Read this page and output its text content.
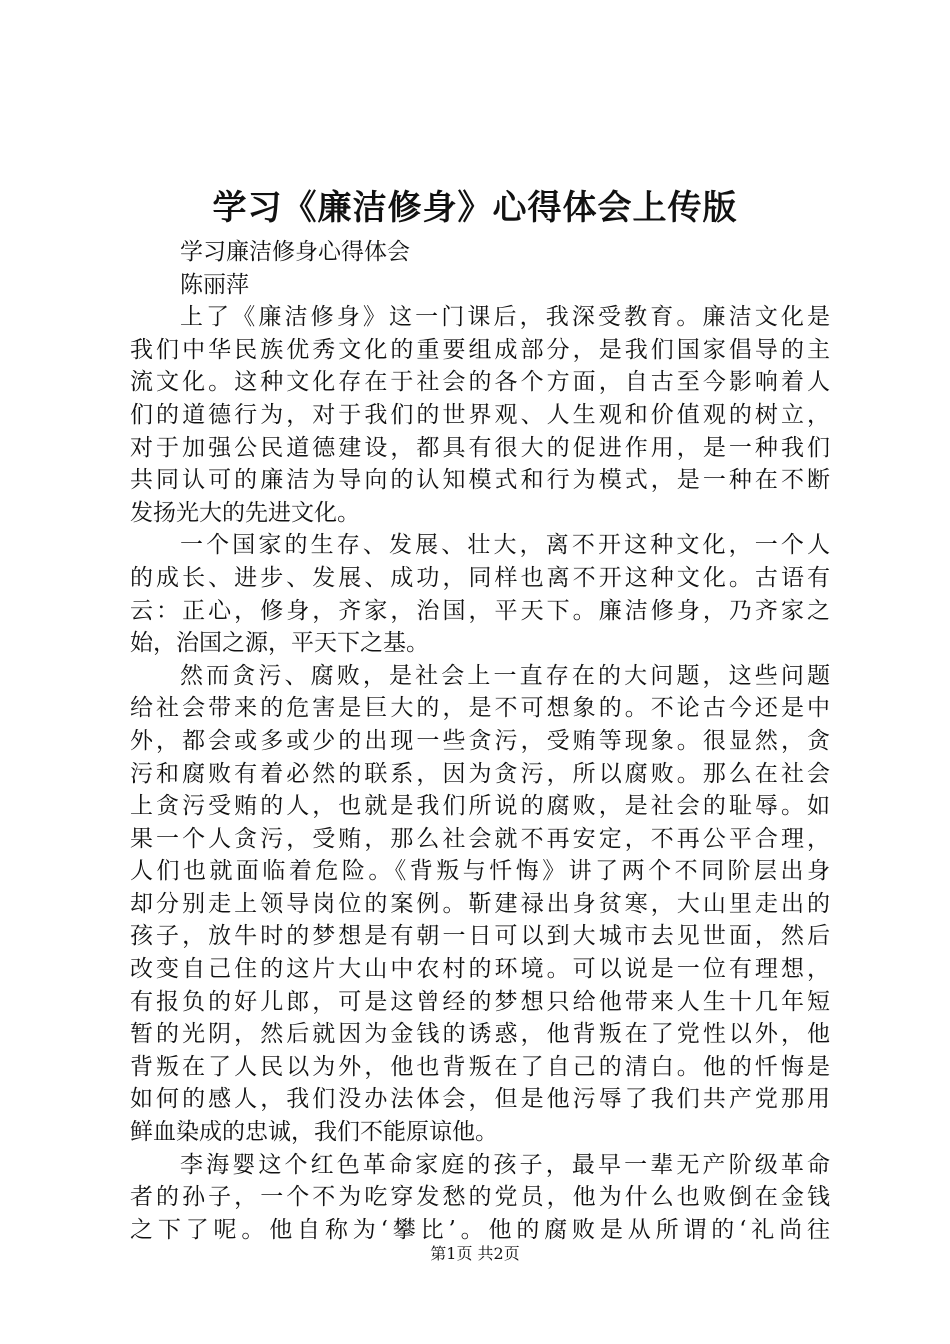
学习《廉洁修身》心得体会上传版
学习廉洁修身心得体会
陈丽萍
上了《廉洁修身》这一门课后，我深受教育。廉洁文化是
我们中华民族优秀文化的重要组成部分，是我们国家倡导的主
流文化。这种文化存在于社会的各个方面，自古至今影响着人
们的道德行为，对于我们的世界观、人生观和价值观的树立，
对于加强公民道德建设，都具有很大的促进作用，是一种我们
共同认可的廉洁为导向的认知模式和行为模式，是一种在不断
发扬光大的先进文化。
一个国家的生存、发展、壮大，离不开这种文化，一个人
的成长、进步、发展、成功，同样也离不开这种文化。古语有
云：正心，修身，齐家，治国，平天下。廉洁修身，乃齐家之
始，治国之源，平天下之基。
然而贪污、腐败，是社会上一直存在的大问题，这些问题
给社会带来的危害是巨大的，是不可想象的。不论古今还是中
外，都会或多或少的出现一些贪污，受贿等现象。很显然，贪
污和腐败有着必然的联系，因为贪污，所以腐败。那么在社会
上贪污受贿的人，也就是我们所说的腐败，是社会的耻辱。如
果一个人贪污，受贿，那么社会就不再安定，不再公平合理，
人们也就面临着危险。《背叛与忏悔》讲了两个不同阶层出身
却分别走上领导岗位的案例。靳建禄出身贫寒，大山里走出的
孩子，放牛时的梦想是有朝一日可以到大城市去见世面，然后
改变自己住的这片大山中农村的环境。可以说是一位有理想，
有报负的好儿郎，可是这曾经的梦想只给他带来人生十几年短
暂的光阴，然后就因为金钱的诱惑，他背叛在了党性以外，他
背叛在了人民以为外，他也背叛在了自己的清白。他的忏悔是
如何的感人，我们没办法体会，但是他污辱了我们共产党那用
鲜血染成的忠诚，我们不能原谅他。
李海婴这个红色革命家庭的孩子，最早一辈无产阶级革命
者的孙子，一个不为吃穿发愁的党员，他为什么也败倒在金钱
之下了呢。他自称为‘攀比’。他的腐败是从所谓的‘礼尚往
第1页 共2页
